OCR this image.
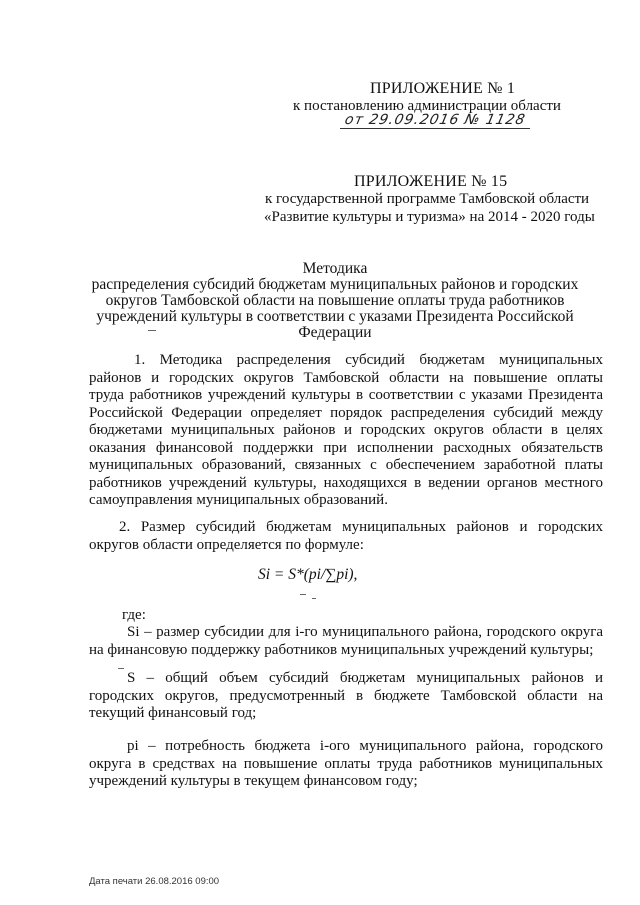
ПРИЛОЖЕНИЕ № 1
к постановлению администрации области
от 29.09.2016 № 1128
ПРИЛОЖЕНИЕ № 15
к государственной программе Тамбовской области
«Развитие культуры и туризма» на 2014 - 2020 годы
Методика
распределения субсидий бюджетам муниципальных районов и городских
округов Тамбовской области на повышение оплаты труда работников
учреждений культуры в соответствии с указами Президента Российской
Федерации
1. Методика распределения субсидий бюджетам муниципальных
районов и городских округов Тамбовской области на повышение оплаты
труда работников учреждений культуры в соответствии с указами Президента
Российской Федерации определяет порядок распределения субсидий между
бюджетами муниципальных районов и городских округов области в целях
оказания финансовой поддержки при исполнении расходных обязательств
муниципальных образований, связанных с обеспечением заработной платы
работников учреждений культуры, находящихся в ведении органов местного
самоуправления муниципальных образований.
2. Размер субсидий бюджетам муниципальных районов и городских
округов области определяется по формуле:
Si = S*(pi/∑pi),
где:
Si – размер субсидии для i-го муниципального района, городского округа
на финансовую поддержку работников муниципальных учреждений культуры;
S – общий объем субсидий бюджетам муниципальных районов и
городских округов, предусмотренный в бюджете Тамбовской области на
текущий финансовый год;
pi – потребность бюджета i-ого муниципального района, городского
округа в средствах на повышение оплаты труда работников муниципальных
учреждений культуры в текущем финансовом году;
Дата печати 26.08.2016 09:00
